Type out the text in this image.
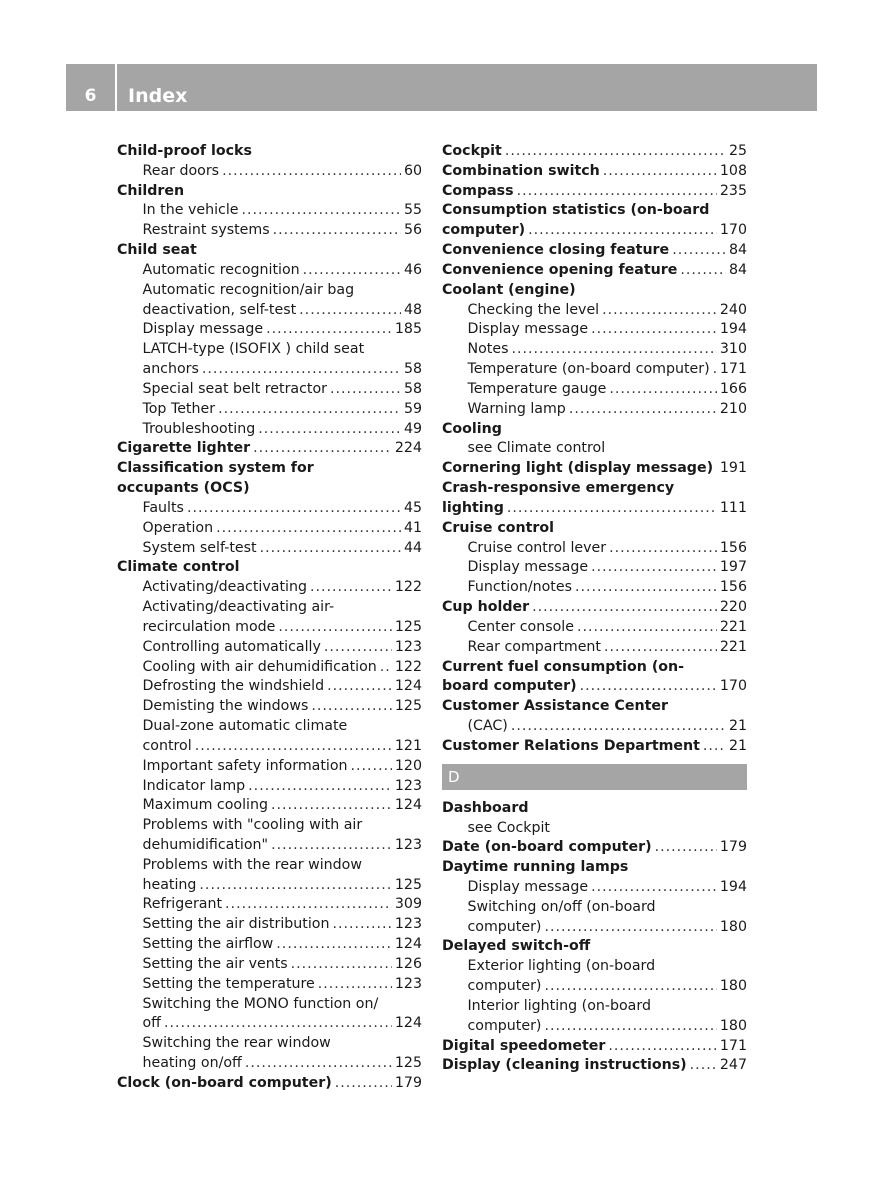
6	Index
Child-proof locks
Rear doors .....	60
Children
In the vehicle .....	55
Restraint systems .....	56
Child seat
Automatic recognition .....	46
Automatic recognition/air bag
deactivation, self-test .....	48
Display message .....	185
LATCH-type (ISOFIX ) child seat
anchors .....	58
Special seat belt retractor .....	58
Top Tether .....	59
Troubleshooting .....	49
Cigarette lighter .....	224
Classification system for
occupants (OCS)
Faults .....	45
Operation .....	41
System self-test .....	44
Climate control
Activating/deactivating .....	122
Activating/deactivating air-
recirculation mode .....	125
Controlling automatically .....	123
Cooling with air dehumidification ..... 122
Defrosting the windshield .....	124
Demisting the windows .....	125
Dual-zone automatic climate
control .....	121
Important safety information .....	120
Indicator lamp .....	123
Maximum cooling .....	124
Problems with "cooling with air
dehumidification" .....	123
Problems with the rear window
heating .....	125
Refrigerant .....	309
Setting the air distribution .....	123
Setting the airflow .....	124
Setting the air vents .....	126
Setting the temperature .....	123
Switching the MONO function on/
off .....	124
Switching the rear window
heating on/off .....	125
Clock (on-board computer) .....	179
Cockpit .....	25
Combination switch .....	108
Compass .....	235
Consumption statistics (on-board
computer) .....	170
Convenience closing feature .....	84
Convenience opening feature .....	84
Coolant (engine)
Checking the level .....	240
Display message .....	194
Notes .....	310
Temperature (on-board computer) ..... 171
Temperature gauge .....	166
Warning lamp .....	210
Cooling
see Climate control
Cornering light (display message) ..... 191
Crash-responsive emergency
lighting .....	111
Cruise control
Cruise control lever .....	156
Display message .....	197
Function/notes .....	156
Cup holder .....	220
Center console .....	221
Rear compartment .....	221
Current fuel consumption (on-
board computer) .....	170
Customer Assistance Center
(CAC) .....	21
Customer Relations Department ..... 21
D
Dashboard
see Cockpit
Date (on-board computer) .....	179
Daytime running lamps
Display message .....	194
Switching on/off (on-board
computer) .....	180
Delayed switch-off
Exterior lighting (on-board
computer) .....	180
Interior lighting (on-board
computer) .....	180
Digital speedometer .....	171
Display (cleaning instructions) ..... 247
